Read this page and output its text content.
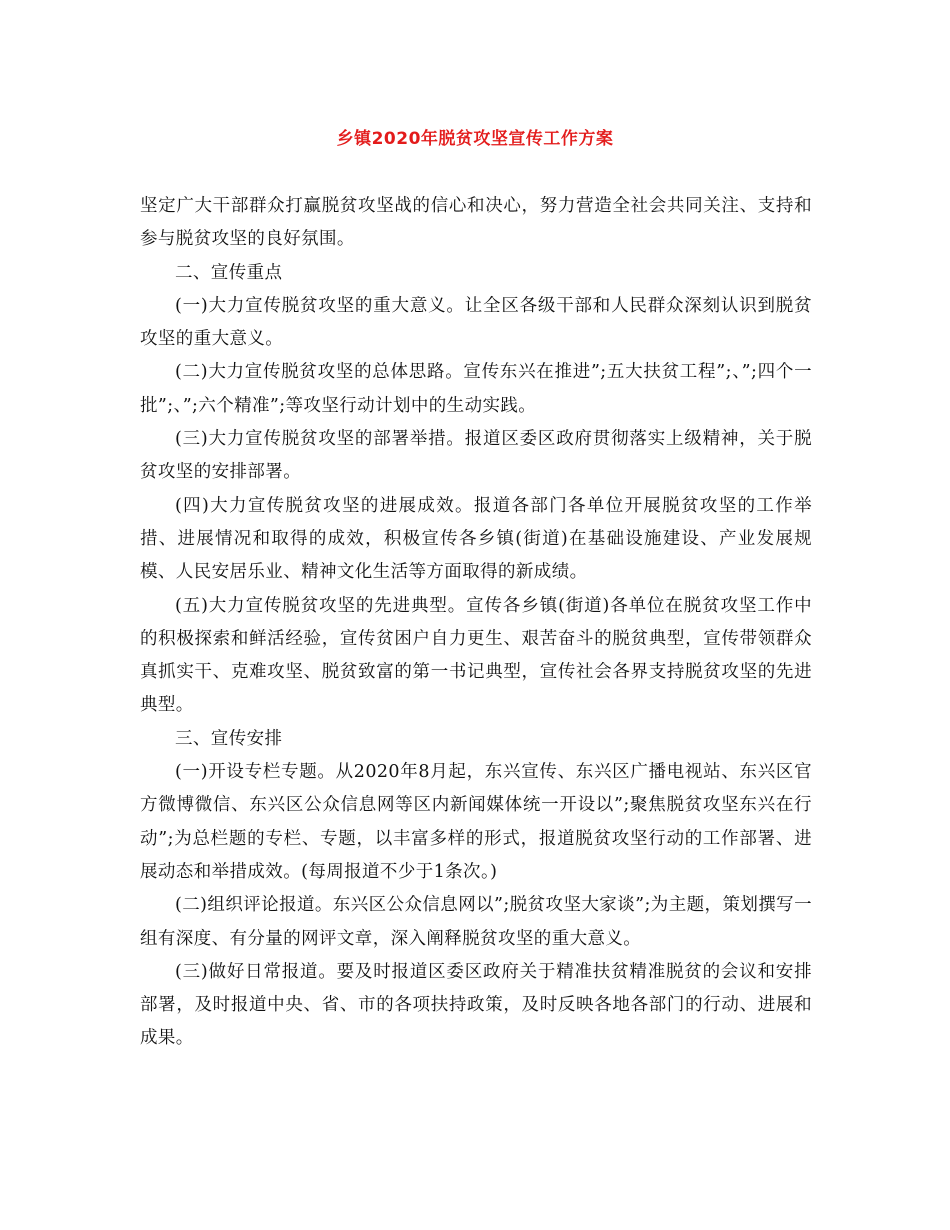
乡镇2020年脱贫攻坚宣传工作方案

坚定广大干部群众打赢脱贫攻坚战的信心和决心，努力营造全社会共同关注、支持和参与脱贫攻坚的良好氛围。

二、宣传重点

(一)大力宣传脱贫攻坚的重大意义。让全区各级干部和人民群众深刻认识到脱贫攻坚的重大意义。

(二)大力宣传脱贫攻坚的总体思路。宣传东兴在推进”;五大扶贫工程”;、”;四个一批”;、”;六个精准”;等攻坚行动计划中的生动实践。

(三)大力宣传脱贫攻坚的部署举措。报道区委区政府贯彻落实上级精神，关于脱贫攻坚的安排部署。

(四)大力宣传脱贫攻坚的进展成效。报道各部门各单位开展脱贫攻坚的工作举措、进展情况和取得的成效，积极宣传各乡镇(街道)在基础设施建设、产业发展规模、人民安居乐业、精神文化生活等方面取得的新成绩。

(五)大力宣传脱贫攻坚的先进典型。宣传各乡镇(街道)各单位在脱贫攻坚工作中的积极探索和鲜活经验，宣传贫困户自力更生、艰苦奋斗的脱贫典型，宣传带领群众真抓实干、克难攻坚、脱贫致富的第一书记典型，宣传社会各界支持脱贫攻坚的先进典型。

三、宣传安排

(一)开设专栏专题。从2020年8月起，东兴宣传、东兴区广播电视站、东兴区官方微博微信、东兴区公众信息网等区内新闻媒体统一开设以”;聚焦脱贫攻坚东兴在行动”;为总栏题的专栏、专题，以丰富多样的形式，报道脱贫攻坚行动的工作部署、进展动态和举措成效。(每周报道不少于1条次。)

(二)组织评论报道。东兴区公众信息网以”;脱贫攻坚大家谈”;为主题，策划撰写一组有深度、有分量的网评文章，深入阐释脱贫攻坚的重大意义。

(三)做好日常报道。要及时报道区委区政府关于精准扶贫精准脱贫的会议和安排部署，及时报道中央、省、市的各项扶持政策，及时反映各地各部门的行动、进展和成果。
